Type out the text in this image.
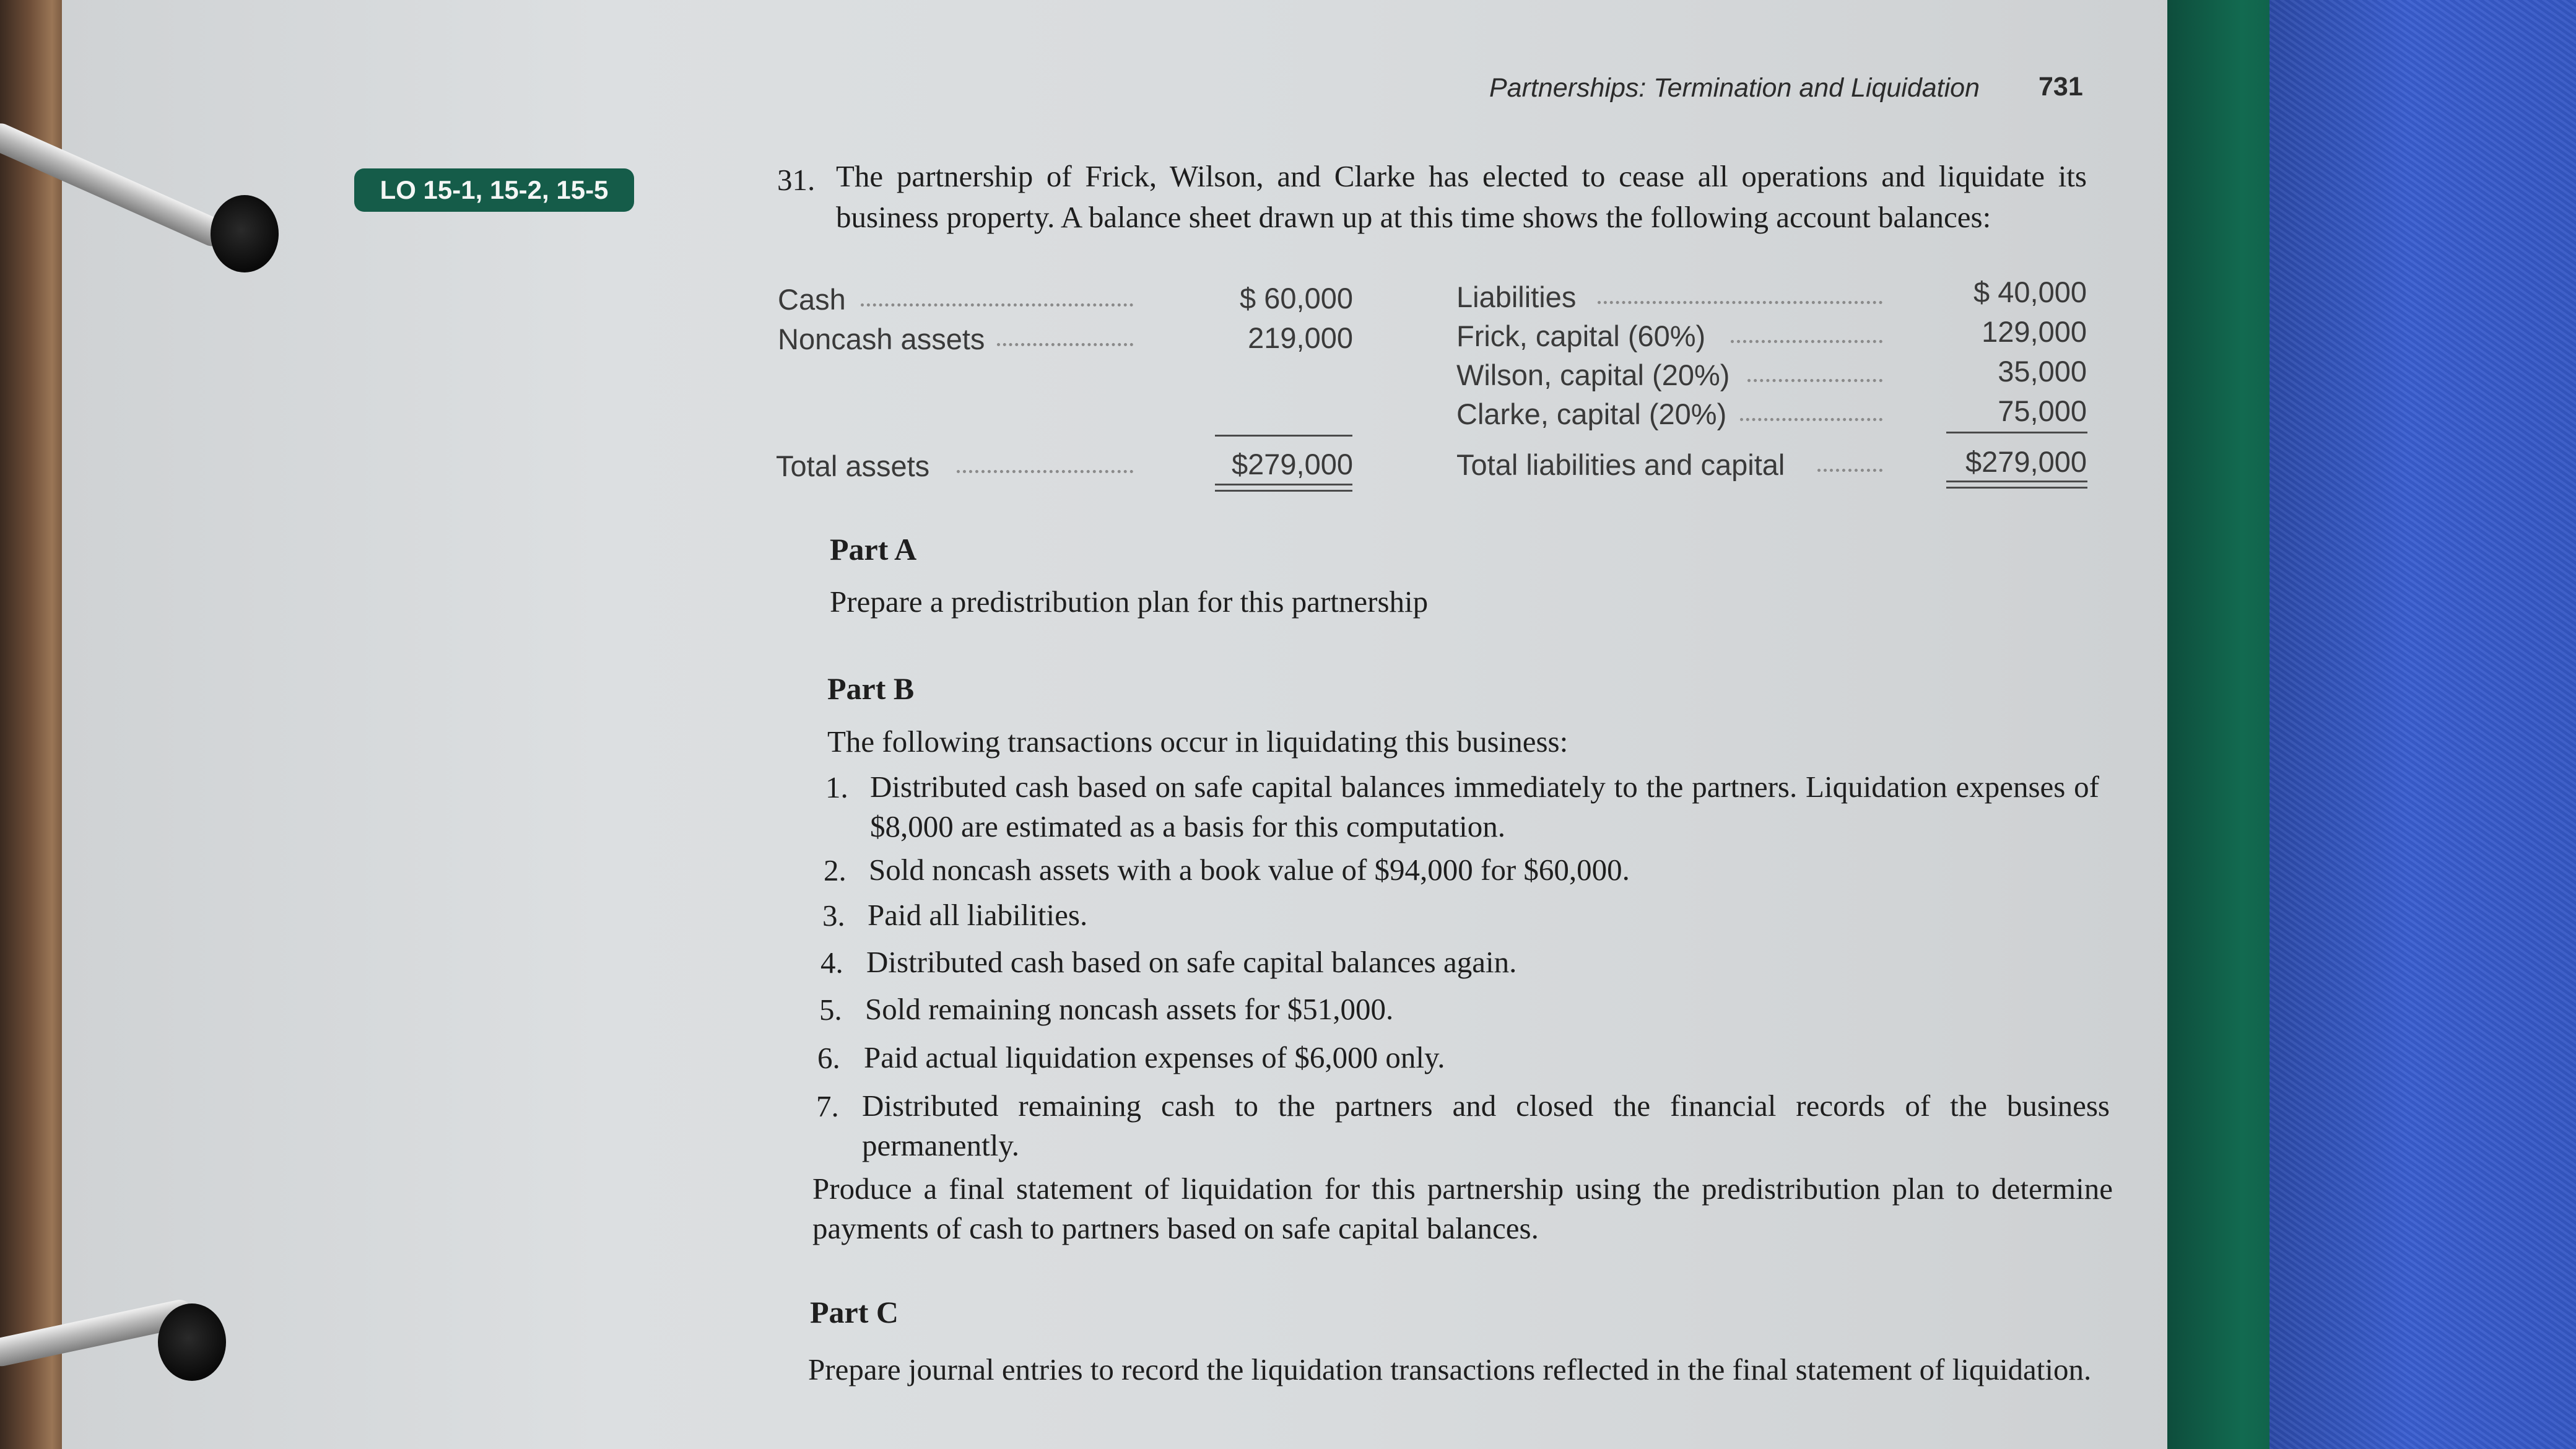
Partnerships: Termination and Liquidation 731
LO 15-1, 15-2, 15-5	31. The partnership of Frick, Wilson, and Clarke has elected to cease all operations and liquidate its business property. A balance sheet drawn up at this time shows the following account balances:
Cash	$ 60,000
Noncash assets	219,000
Total assets	$279,000
Liabilities	$ 40,000
Frick, capital (60%)	129,000
Wilson, capital (20%)	35,000
Clarke, capital (20%)	75,000
Total liabilities and capital	$279,000
Part A
Prepare a predistribution plan for this partnership
Part B
The following transactions occur in liquidating this business:
1. Distributed cash based on safe capital balances immediately to the partners. Liquidation expenses of $8,000 are estimated as a basis for this computation.
2. Sold noncash assets with a book value of $94,000 for $60,000.
3. Paid all liabilities.
4. Distributed cash based on safe capital balances again.
5. Sold remaining noncash assets for $51,000.
6. Paid actual liquidation expenses of $6,000 only.
7. Distributed remaining cash to the partners and closed the financial records of the business permanently.
Produce a final statement of liquidation for this partnership using the predistribution plan to determine payments of cash to partners based on safe capital balances.
Part C
Prepare journal entries to record the liquidation transactions reflected in the final statement of liquidation.
